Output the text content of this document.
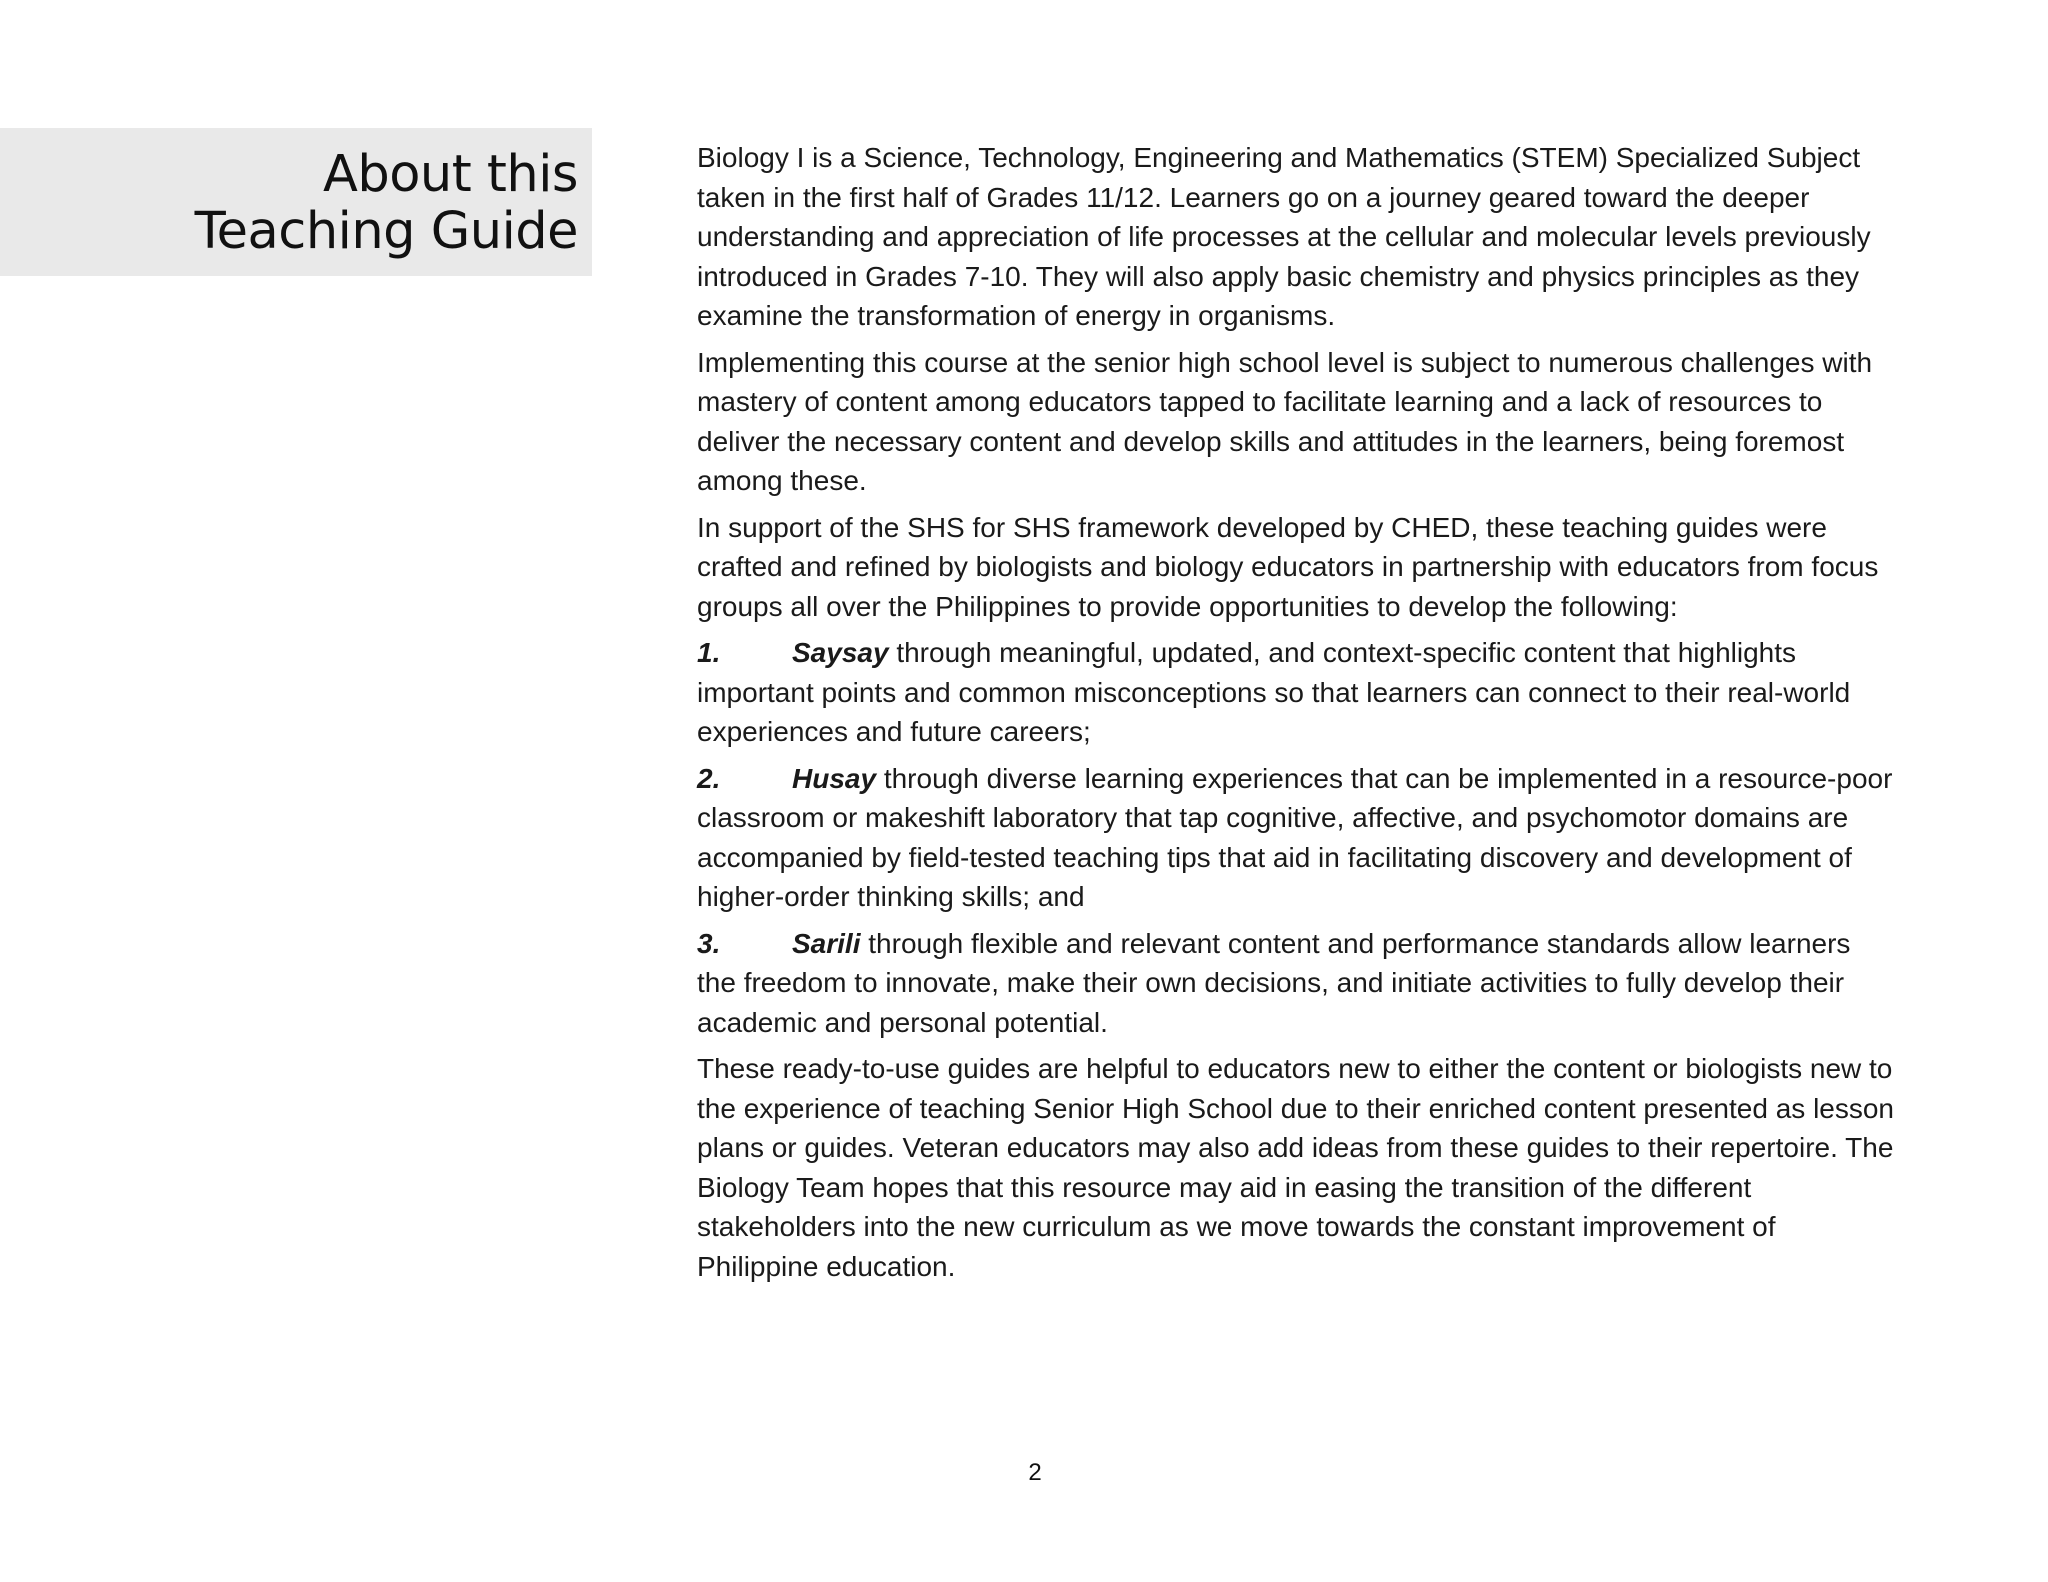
About this
Teaching Guide

Biology I is a Science, Technology, Engineering and Mathematics (STEM) Specialized Subject taken in the first half of Grades 11/12. Learners go on a journey geared toward the deeper understanding and appreciation of life processes at the cellular and molecular levels previously introduced in Grades 7-10. They will also apply basic chemistry and physics principles as they examine the transformation of energy in organisms.

Implementing this course at the senior high school level is subject to numerous challenges with mastery of content among educators tapped to facilitate learning and a lack of resources to deliver the necessary content and develop skills and attitudes in the learners, being foremost among these.

In support of the SHS for SHS framework developed by CHED, these teaching guides were crafted and refined by biologists and biology educators in partnership with educators from focus groups all over the Philippines to provide opportunities to develop the following:

1.	Saysay through meaningful, updated, and context-specific content that highlights important points and common misconceptions so that learners can connect to their real-world experiences and future careers;

2.	Husay through diverse learning experiences that can be implemented in a resource-poor classroom or makeshift laboratory that tap cognitive, affective, and psychomotor domains are accompanied by field-tested teaching tips that aid in facilitating discovery and development of higher-order thinking skills; and

3.	Sarili through flexible and relevant content and performance standards allow learners the freedom to innovate, make their own decisions, and initiate activities to fully develop their academic and personal potential.

These ready-to-use guides are helpful to educators new to either the content or biologists new to the experience of teaching Senior High School due to their enriched content presented as lesson plans or guides. Veteran educators may also add ideas from these guides to their repertoire. The Biology Team hopes that this resource may aid in easing the transition of the different stakeholders into the new curriculum as we move towards the constant improvement of Philippine education.

2
